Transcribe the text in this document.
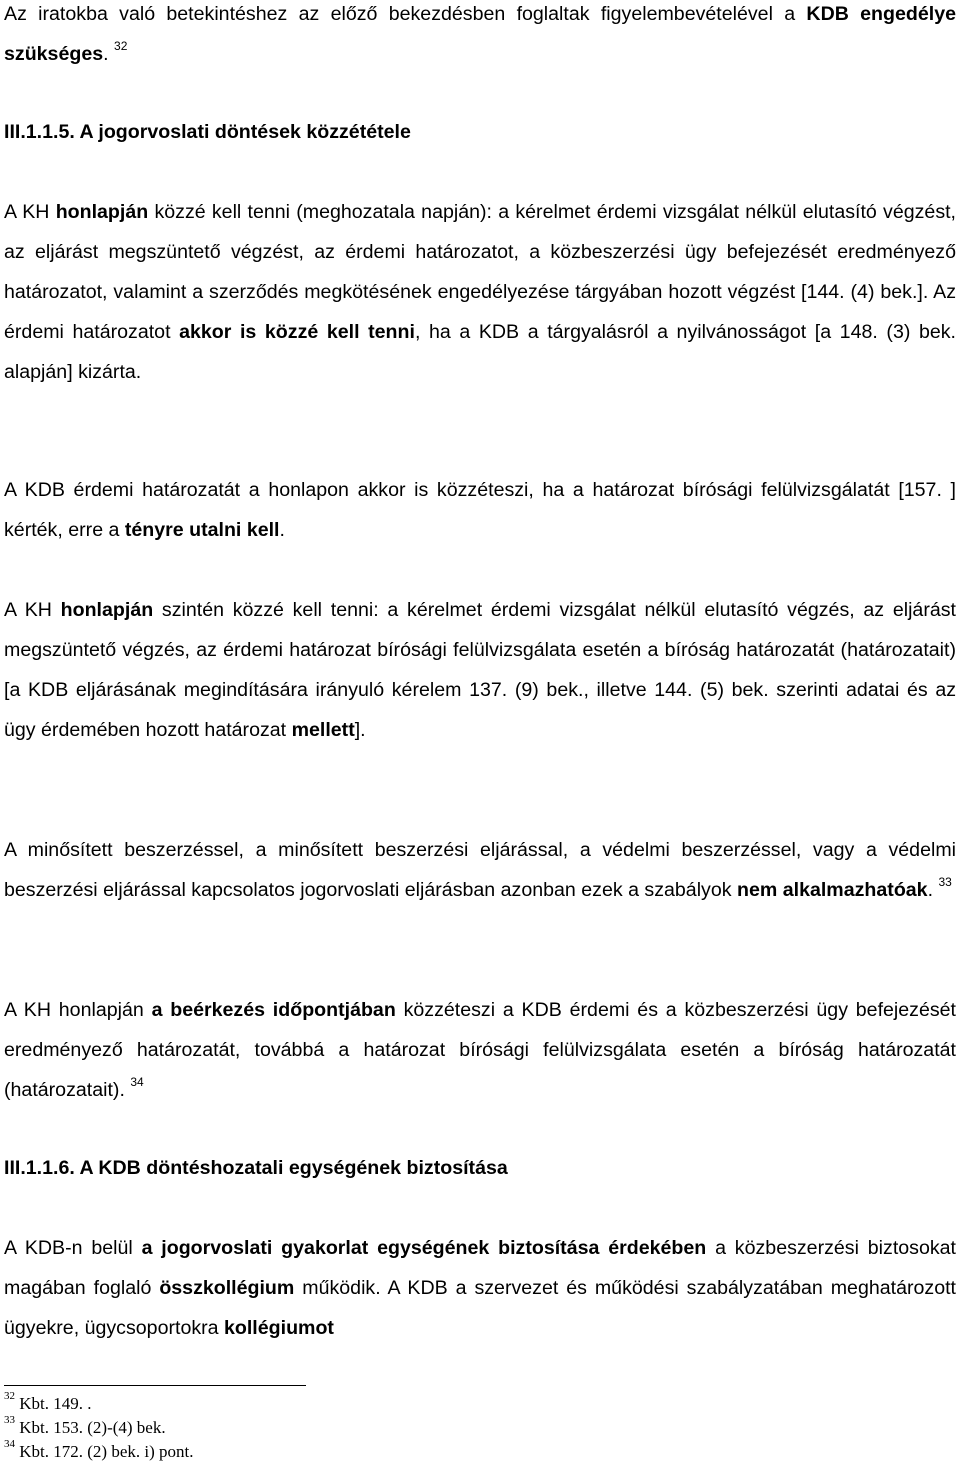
Az iratokba való betekintéshez az előző bekezdésben foglaltak figyelembevételével a KDB engedélye szükséges. $^{32}$

III.1.1.5. A jogorvoslati döntések közzététele

A KH honlapján közzé kell tenni (meghozatala napján): a kérelmet érdemi vizsgálat nélkül elutasító végzést, az eljárást megszüntető végzést, az érdemi határozatot, a közbeszerzési ügy befejezését eredményező határozatot, valamint a szerződés megkötésének engedélyezése tárgyában hozott végzést [144. (4) bek.]. Az érdemi határozatot akkor is közzé kell tenni, ha a KDB a tárgyalásról a nyilvánosságot [a 148. (3) bek. alapján] kizárta.

A KDB érdemi határozatát a honlapon akkor is közzéteszi, ha a határozat bírósági felülvizsgálatát [157. ] kérték, erre a tényre utalni kell.

A KH honlapján szintén közzé kell tenni: a kérelmet érdemi vizsgálat nélkül elutasító végzés, az eljárást megszüntető végzés, az érdemi határozat bírósági felülvizsgálata esetén a bíróság határozatát (határozatait) [a KDB eljárásának megindítására irányuló kérelem 137. (9) bek., illetve 144. (5) bek. szerinti adatai és az ügy érdemében hozott határozat mellett].

A minősített beszerzéssel, a minősített beszerzési eljárással, a védelmi beszerzéssel, vagy a védelmi beszerzési eljárással kapcsolatos jogorvoslati eljárásban azonban ezek a szabályok nem alkalmazhatóak. $^{33}$

A KH honlapján a beérkezés időpontjában közzéteszi a KDB érdemi és a közbeszerzési ügy befejezését eredményező határozatát, továbbá a határozat bírósági felülvizsgálata esetén a bíróság határozatát (határozatait). $^{34}$

III.1.1.6. A KDB döntéshozatali egységének biztosítása

A KDB-n belül a jogorvoslati gyakorlat egységének biztosítása érdekében a közbeszerzési biztosokat magában foglaló összkollégium működik. A KDB a szervezet és működési szabályzatában meghatározott ügyekre, ügycsoportokra kollégiumot

$^{32}$ Kbt. 149. .
$^{33}$ Kbt. 153. (2)-(4) bek.
$^{34}$ Kbt. 172. (2) bek. i) pont.
